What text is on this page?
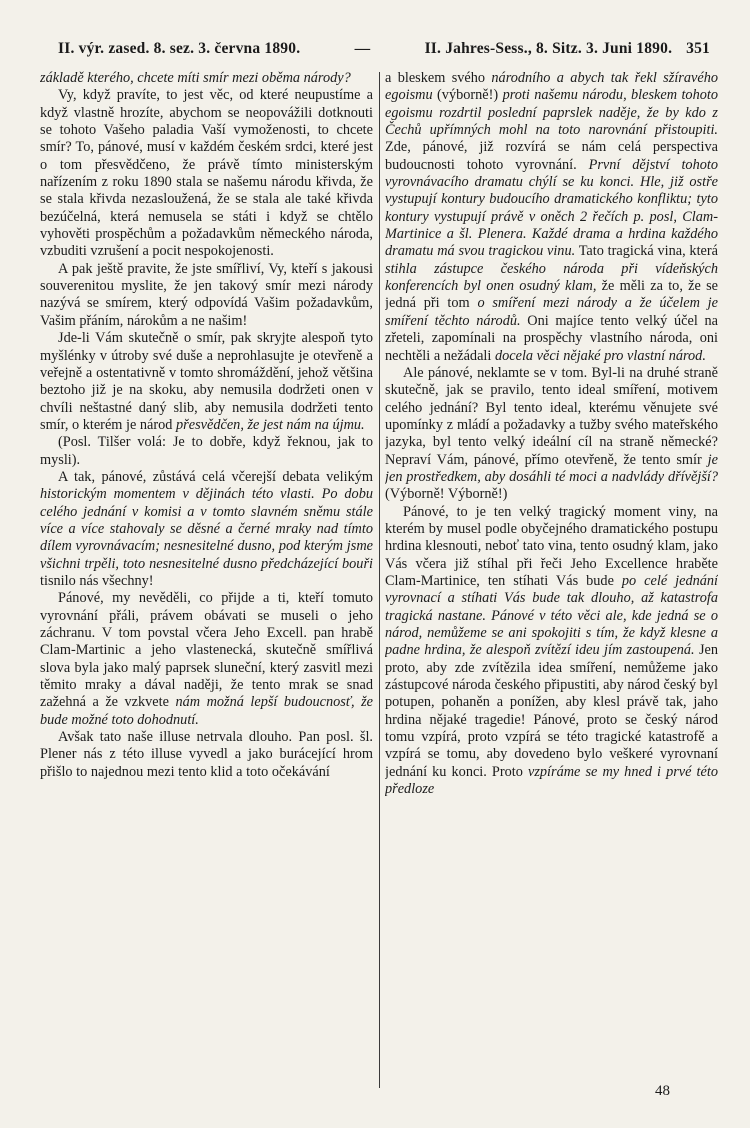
II. výr. zased. 8. sez. 3. června 1890.	—	II. Jahres-Sess., 8. Sitz. 3. Juni 1890. 351

základě kterého, chcete míti smír mezi oběma národy?

Vy, když pravíte, to jest věc, od které neupustíme a když vlastně hrozíte, abychom se neopovážili dotknouti se tohoto Vašeho paladia Vaší vymoženosti, to chcete smír? To, pánové, musí v každém českém srdci, které jest o tom přesvědčeno, že právě tímto ministerským nařízením z roku 1890 stala se našemu národu křivda, že se stala křivda nezasloužená, že se stala ale také křivda bezúčelná, která nemusela se státi i když se chtělo vyhověti prospěchům a požadavkům německého národa, vzbuditi vzrušení a pocit nespokojenosti.

A pak ještě pravite, že jste smířliví, Vy, kteří s jakousi souverenitou myslite, že jen takový smír mezi národy nazývá se smírem, který odpovídá Vašim požadavkům, Vašim přáním, nárokům a ne našim!

Jde-li Vám skutečně o smír, pak skryjte alespoň tyto myšlénky v útroby své duše a neprohlasujte je otevřeně a veřejně a ostentativně v tomto shromáždění, jehož většina beztoho již je na skoku, aby nemusila dodržeti onen v chvíli neštastné daný slib, aby nemusila dodržeti tento smír, o kterém je národ přesvědčen, že jest nám na újmu.

(Posl. Tilšer volá: Je to dobře, když řeknou, jak to mysli).

A tak, pánové, zůstává celá včerejší debata velikým historickým momentem v dějinách této vlasti. Po dobu celého jednání v komisi a v tomto slavném sněmu stále více a více stahovaly se děsné a černé mraky nad tímto dílem vyrovnávacím; nesnesitelné dusno, pod kterým jsme všichni trpěli, toto nesnesitelné dusno předcházející bouři tisnilo nás všechny!

Pánové, my nevěděli, co přijde a ti, kteří tomuto vyrovnání přáli, právem obávati se museli o jeho záchranu. V tom povstal včera Jeho Excell. pan hrabě Clam-Martinic a jeho vlastenecká, skutečně smířlivá slova byla jako malý paprsek sluneční, který zasvitl mezi těmito mraky a dával naději, že tento mrak se snad zažehná a že vzkvete nám možná lepší budoucnosť, že bude možné toto dohodnutí.

Avšak tato naše illuse netrvala dlouho. Pan posl. šl. Plener nás z této illuse vyvedl a jako burácející hrom přišlo to najednou mezi tento klid a toto očekávání

a bleskem svého národního a abych tak řekl sžíravého egoismu (výborně!) proti našemu národu, bleskem tohoto egoismu rozdrtil poslední paprslek naděje, že by kdo z Čechů upřímných mohl na toto narovnání přistoupiti. Zde, pánové, již rozvírá se nám celá perspectiva budoucnosti tohoto vyrovnání. První dějství tohoto vyrovnávacího dramatu chýlí se ku konci. Hle, již ostře vystupují kontury budoucího dramatického konfliktu; tyto kontury vystupují právě v oněch 2 řečích p. posl, Clam-Martinice a šl. Plenera. Každé drama a hrdina každého dramatu má svou tragickou vinu. Tato tragická vina, která stihla zástupce českého národa při vídeňských konferencích byl onen osudný klam, že měli za to, že se jedná při tom o smíření mezi národy a že účelem je smíření těchto národů. Oni majíce tento velký účel na zřeteli, zapomínali na prospěchy vlastního národa, oni nechtěli a nežádali docela věci nějaké pro vlastní národ.

Ale pánové, neklamte se v tom. Byl-li na druhé straně skutečně, jak se pravilo, tento ideal smíření, motivem celého jednání? Byl tento ideal, kterému věnujete své upomínky z mládí a požadavky a tužby svého mateřského jazyka, byl tento velký ideální cíl na straně německé? Nepraví Vám, pánové, přímo otevřeně, že tento smír je jen prostředkem, aby dosáhli té moci a nadvlády dřívější? (Výborně! Výborně!)

Pánové, to je ten velký tragický moment viny, na kterém by musel podle obyčejného dramatického postupu hrdina klesnouti, neboť tato vina, tento osudný klam, jako Vás včera již stíhal při řeči Jeho Excellence hraběte Clam-Martinice, ten stíhati Vás bude po celé jednání vyrovnací a stíhati Vás bude tak dlouho, až katastrofa tragická nastane. Pánové v této věci ale, kde jedná se o národ, nemůžeme se ani spokojiti s tím, že když klesne a padne hrdina, že alespoň zvítězí ideu jím zastoupená. Jen proto, aby zde zvítězila idea smíření, nemůžeme jako zástupcové národa českého připustiti, aby národ český byl potupen, pohaněn a ponížen, aby klesl právě tak, jaho hrdina nějaké tragedie! Pánové, proto se český národ tomu vzpírá, proto vzpírá se této tragické katastrofě a vzpírá se tomu, aby dovedeno bylo veškeré vyrovnaní jednání ku konci. Proto vzpíráme se my hned i prvé této předloze

48
